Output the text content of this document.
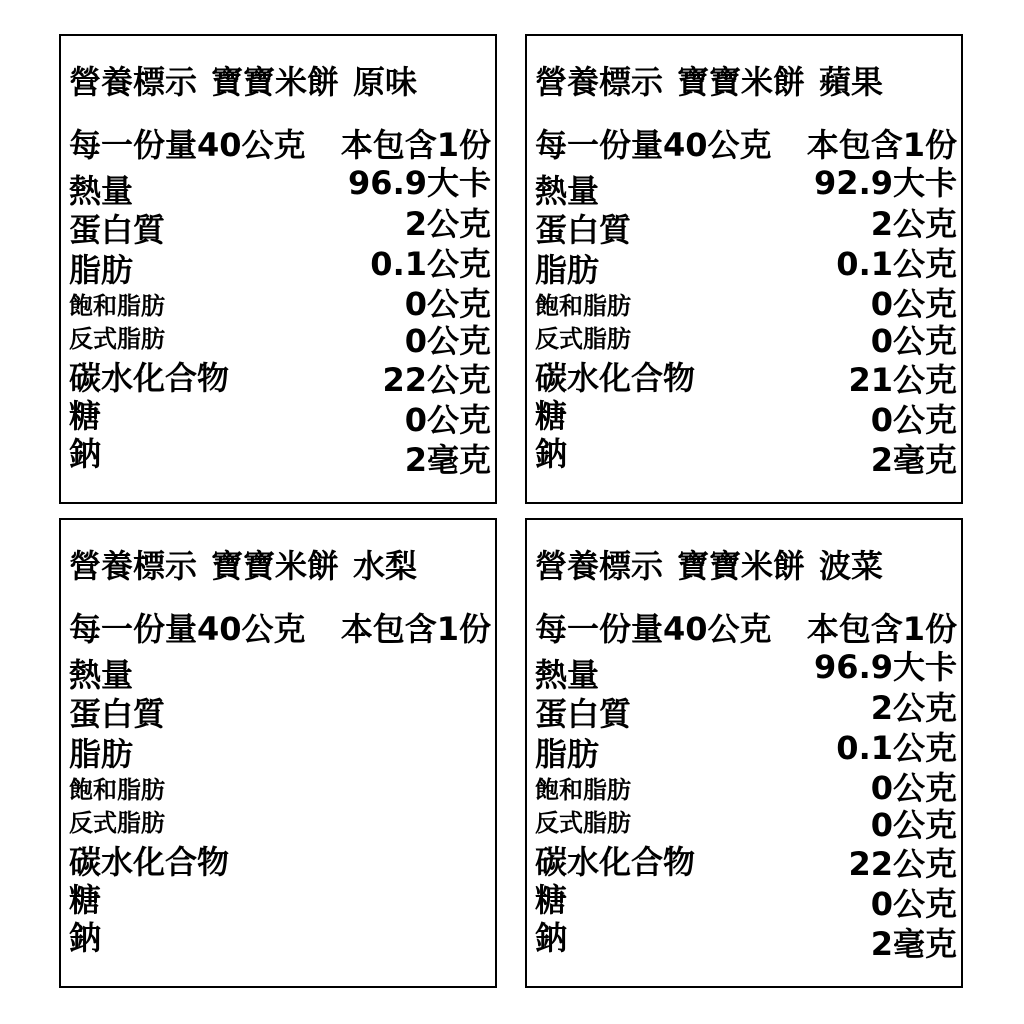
營養標示 寶寶米餅 原味
每一份量40公克 本包含1份
熱量	96.9大卡
蛋白質	2公克
脂肪	0.1公克
飽和脂肪	0公克
反式脂肪	0公克
碳水化合物	22公克
糖	0公克
鈉	2毫克
營養標示 寶寶米餅 蘋果
每一份量40公克 本包含1份
熱量	92.9大卡
蛋白質	2公克
脂肪	0.1公克
飽和脂肪	0公克
反式脂肪	0公克
碳水化合物	21公克
糖	0公克
鈉	2毫克
營養標示 寶寶米餅 水梨
每一份量40公克 本包含1份
熱量
蛋白質
脂肪
飽和脂肪
反式脂肪
碳水化合物
糖
鈉
營養標示 寶寶米餅 波菜
每一份量40公克 本包含1份
熱量	96.9大卡
蛋白質	2公克
脂肪	0.1公克
飽和脂肪	0公克
反式脂肪	0公克
碳水化合物	22公克
糖	0公克
鈉	2毫克
